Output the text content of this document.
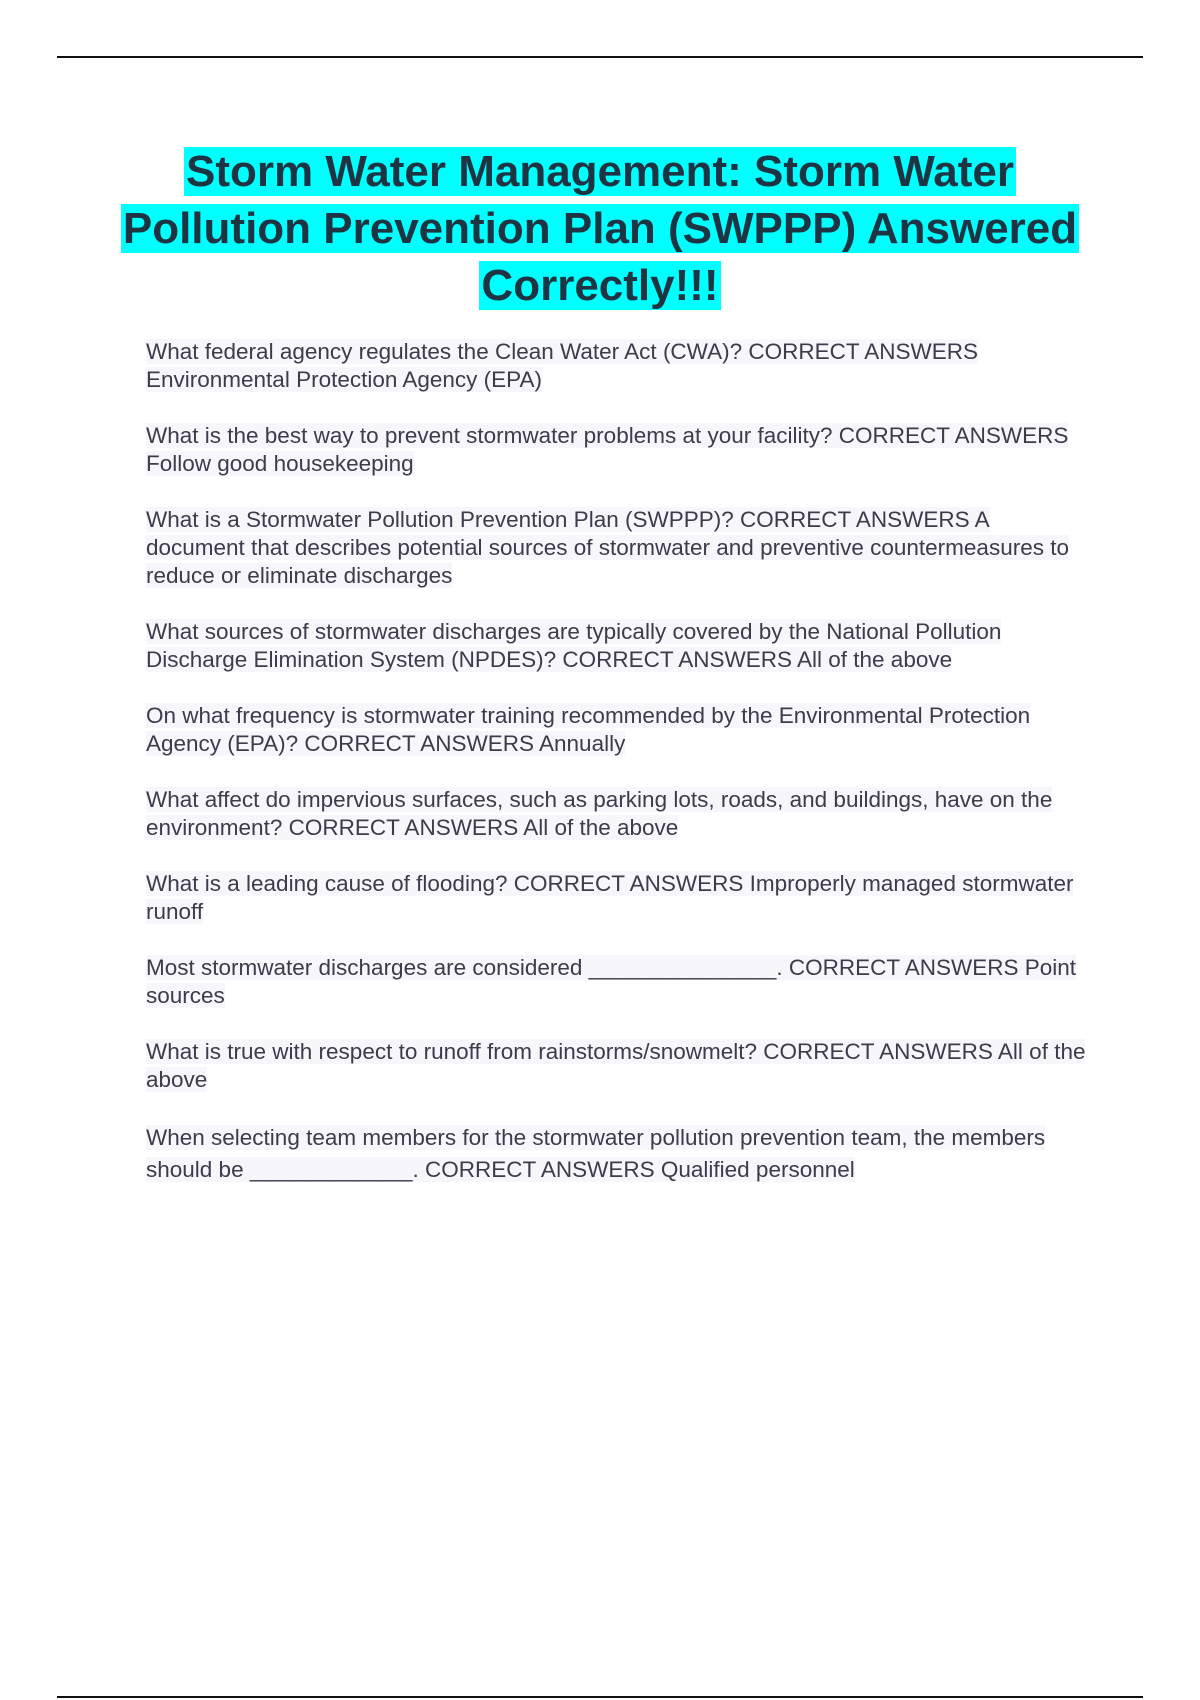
Storm Water Management: Storm Water Pollution Prevention Plan (SWPPP) Answered Correctly!!!
What federal agency regulates the Clean Water Act (CWA)? CORRECT ANSWERS Environmental Protection Agency (EPA)
What is the best way to prevent stormwater problems at your facility? CORRECT ANSWERS Follow good housekeeping
What is a Stormwater Pollution Prevention Plan (SWPPP)? CORRECT ANSWERS A document that describes potential sources of stormwater and preventive countermeasures to reduce or eliminate discharges
What sources of stormwater discharges are typically covered by the National Pollution Discharge Elimination System (NPDES)? CORRECT ANSWERS All of the above
On what frequency is stormwater training recommended by the Environmental Protection Agency (EPA)? CORRECT ANSWERS Annually
What affect do impervious surfaces, such as parking lots, roads, and buildings, have on the environment? CORRECT ANSWERS All of the above
What is a leading cause of flooding? CORRECT ANSWERS Improperly managed stormwater runoff
Most stormwater discharges are considered _______________. CORRECT ANSWERS Point sources
What is true with respect to runoff from rainstorms/snowmelt? CORRECT ANSWERS All of the above
When selecting team members for the stormwater pollution prevention team, the members should be _____________. CORRECT ANSWERS Qualified personnel
